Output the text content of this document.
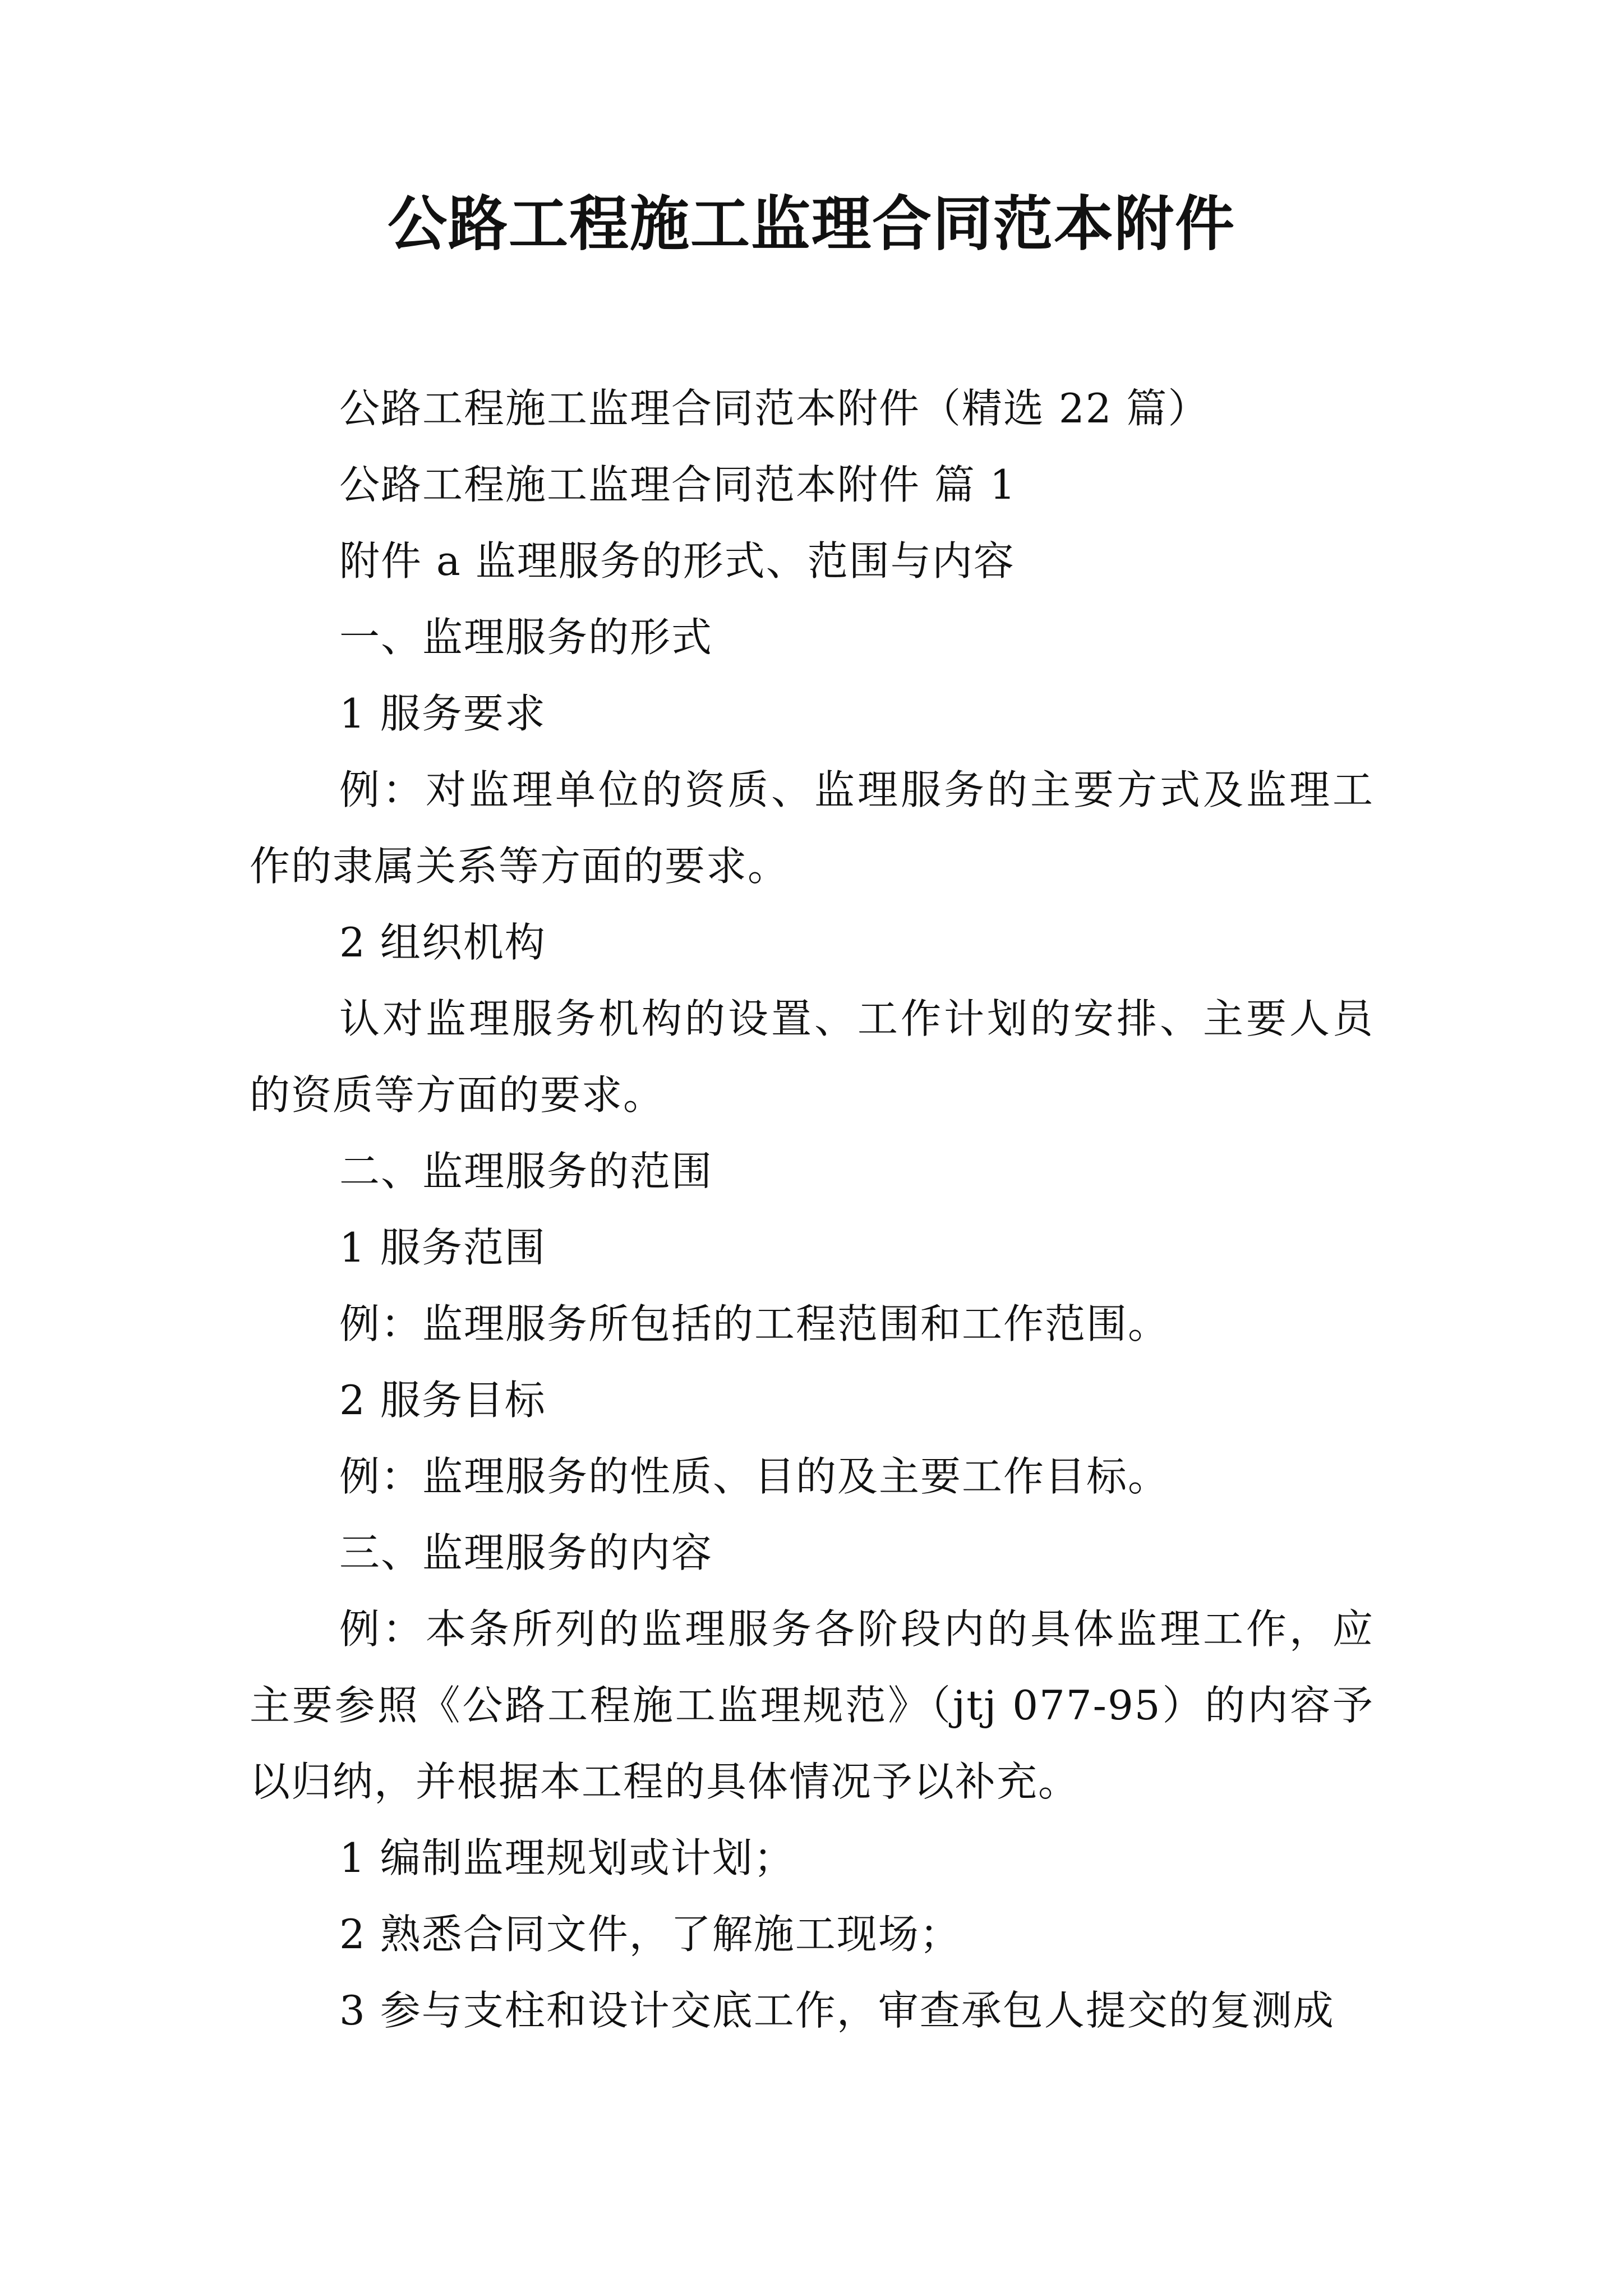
公路工程施工监理合同范本附件

公路工程施工监理合同范本附件（精选 22 篇）

公路工程施工监理合同范本附件 篇 1

附件 a 监理服务的形式、范围与内容

一、监理服务的形式

1 服务要求

例：对监理单位的资质、监理服务的主要方式及监理工作的隶属关系等方面的要求。

2 组织机构

认对监理服务机构的设置、工作计划的安排、主要人员的资质等方面的要求。

二、监理服务的范围

1 服务范围

例：监理服务所包括的工程范围和工作范围。

2 服务目标

例：监理服务的性质、目的及主要工作目标。

三、监理服务的内容

例：本条所列的监理服务各阶段内的具体监理工作，应主要参照《公路工程施工监理规范》（jtj 077-95）的内容予以归纳，并根据本工程的具体情况予以补充。

1 编制监理规划或计划；

2 熟悉合同文件，了解施工现场；

3 参与支柱和设计交底工作，审查承包人提交的复测成
